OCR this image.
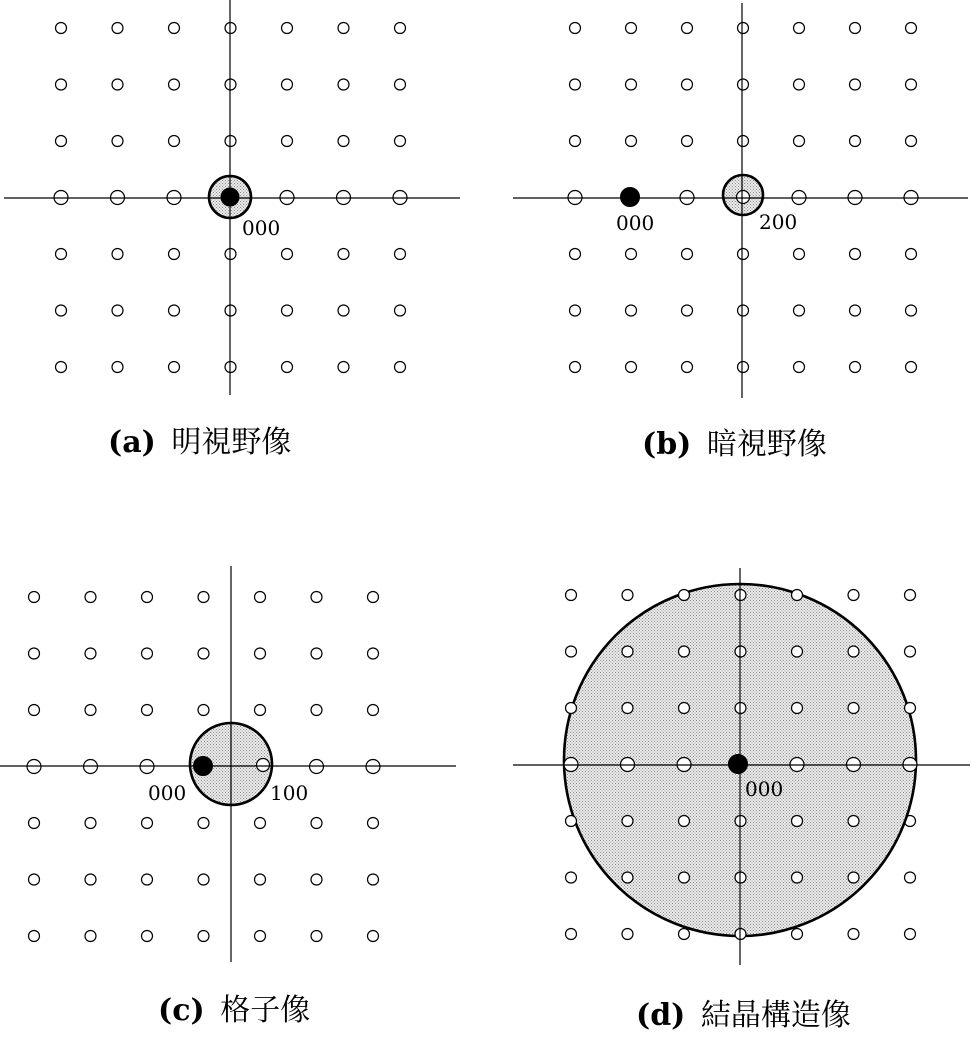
000
(a) 明視野像
000	200
(b) 暗視野像
000	100
(c) 格子像
000
(d) 結晶構造像
